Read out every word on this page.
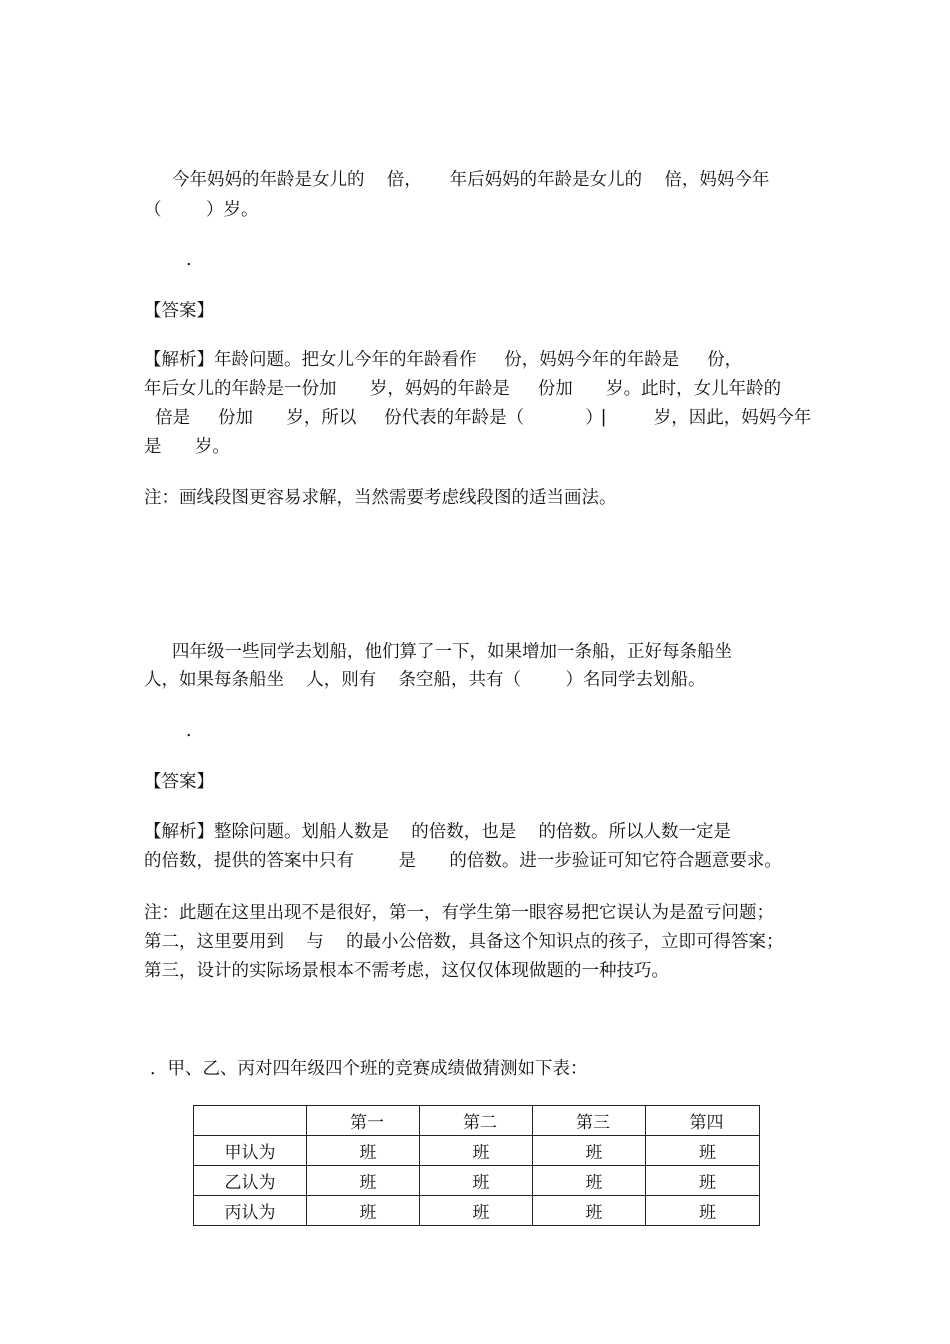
今年妈妈的年龄是女儿的    倍，     年后妈妈的年龄是女儿的    倍，妈妈今年
（        ）岁。
.
【答案】
【解析】年龄问题。把女儿今年的年龄看作     份，妈妈今年的年龄是     份，
年后女儿的年龄是一份加      岁，妈妈的年龄是     份加      岁。此时，女儿年龄的
倍是     份加      岁，所以     份代表的年龄是（           ）⎸      岁，因此，妈妈今年
是      岁。
注：画线段图更容易求解，当然需要考虑线段图的适当画法。
四年级一些同学去划船，他们算了一下，如果增加一条船，正好每条船坐
人，如果每条船坐    人，则有    条空船，共有（        ）名同学去划船。
.
【答案】
【解析】整除问题。划船人数是    的倍数，也是    的倍数。所以人数一定是
的倍数，提供的答案中只有        是      的倍数。进一步验证可知它符合题意要求。
注：此题在这里出现不是很好，第一，有学生第一眼容易把它误认为是盈亏问题；
第二，这里要用到    与    的最小公倍数，具备这个知识点的孩子，立即可得答案；
第三，设计的实际场景根本不需考虑，这仅仅体现做题的一种技巧。
．甲、乙、丙对四年级四个班的竞赛成绩做猜测如下表：
	第一	第二	第三	第四
甲认为	班	班	班	班
乙认为	班	班	班	班
丙认为	班	班	班	班
